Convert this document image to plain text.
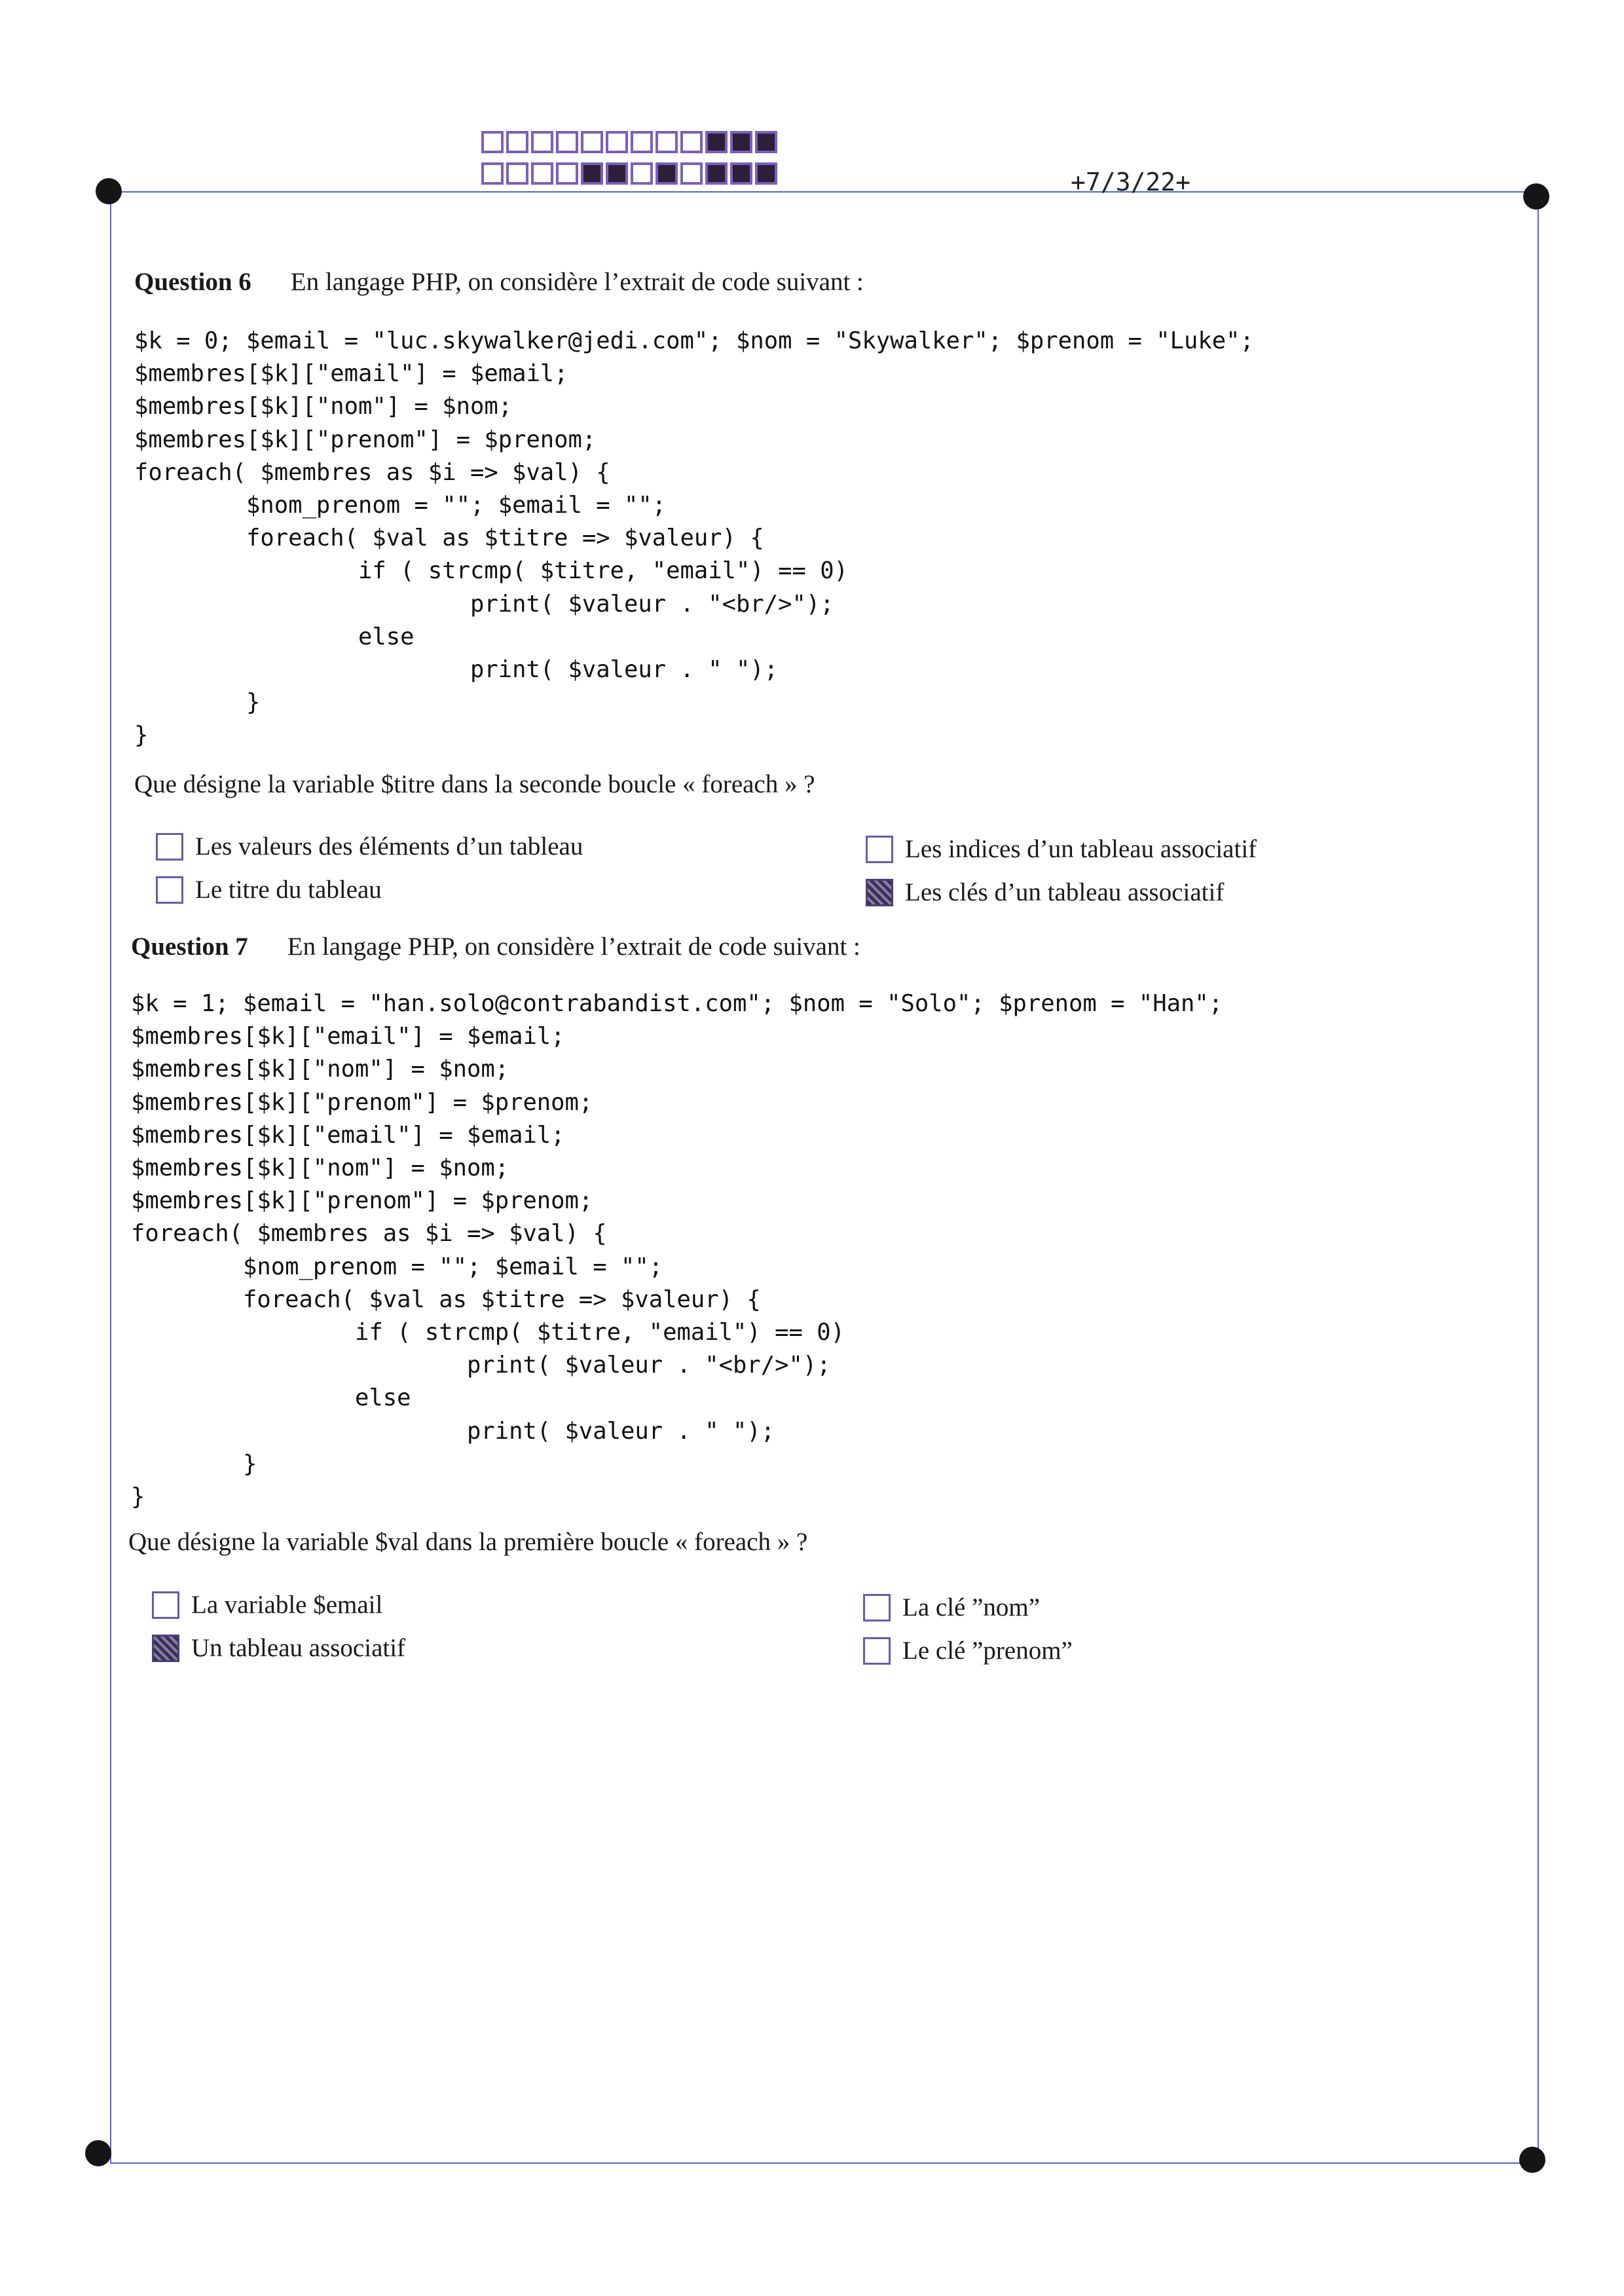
+7/3/22+
Question 6 En langage PHP, on considère l’extrait de code suivant :
$k = 0; $email = "luc.skywalker@jedi.com"; $nom = "Skywalker"; $prenom = "Luke";
$membres[$k]["email"] = $email;
$membres[$k]["nom"] = $nom;
$membres[$k]["prenom"] = $prenom;
foreach( $membres as $i => $val) {
$nom_prenom = ""; $email = "";
foreach( $val as $titre => $valeur) {
if ( strcmp( $titre, "email") == 0)
print( $valeur . "<br/>");
else
print( $valeur . " ");
}
}
Que désigne la variable $titre dans la seconde boucle « foreach » ?
Les valeurs des éléments d’un tableau
Le titre du tableau
Les indices d’un tableau associatif
Les clés d’un tableau associatif
Question 7 En langage PHP, on considère l’extrait de code suivant :
$k = 1; $email = "han.solo@contrabandist.com"; $nom = "Solo"; $prenom = "Han";
$membres[$k]["email"] = $email;
$membres[$k]["nom"] = $nom;
$membres[$k]["prenom"] = $prenom;
$membres[$k]["email"] = $email;
$membres[$k]["nom"] = $nom;
$membres[$k]["prenom"] = $prenom;
foreach( $membres as $i => $val) {
$nom_prenom = ""; $email = "";
foreach( $val as $titre => $valeur) {
if ( strcmp( $titre, "email") == 0)
print( $valeur . "<br/>");
else
print( $valeur . " ");
}
}
Que désigne la variable $val dans la première boucle « foreach » ?
La variable $email
Un tableau associatif
La clé ”nom”
Le clé ”prenom”
